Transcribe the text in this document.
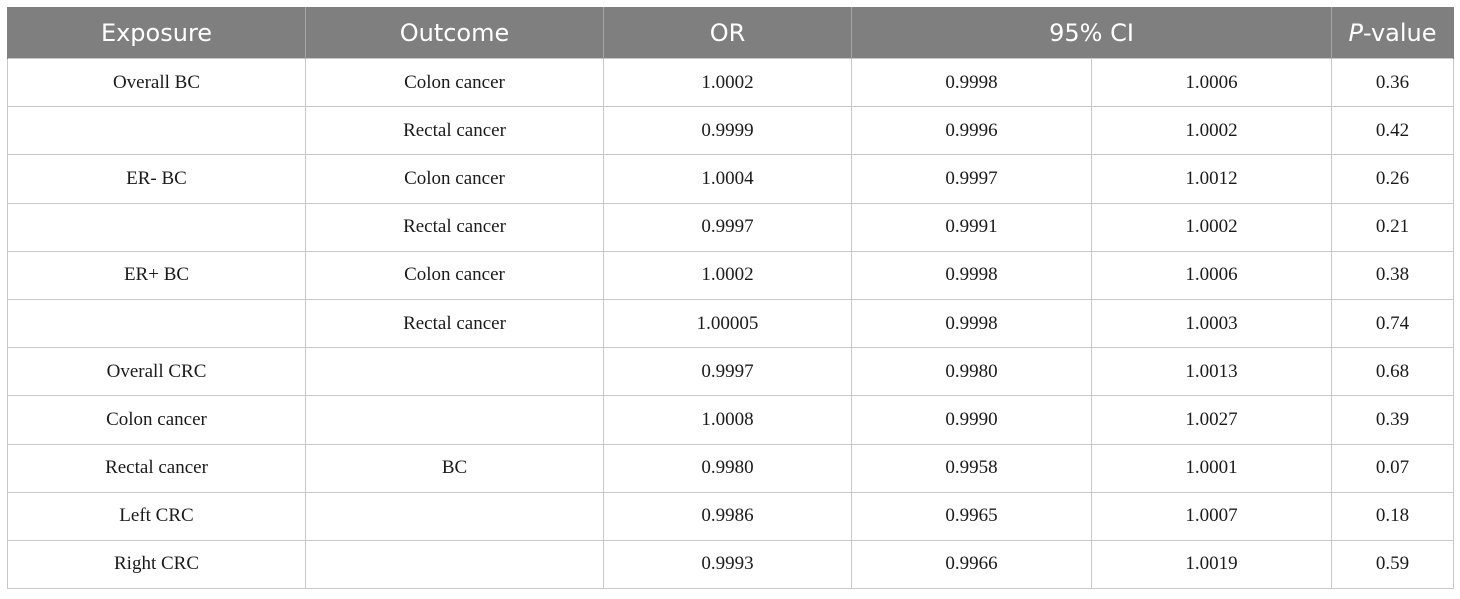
Exposure	Outcome	OR	95% CI		P-value
Overall BC	Colon cancer	1.0002	0.9998	1.0006	0.36
	Rectal cancer	0.9999	0.9996	1.0002	0.42
ER- BC	Colon cancer	1.0004	0.9997	1.0012	0.26
	Rectal cancer	0.9997	0.9991	1.0002	0.21
ER+ BC	Colon cancer	1.0002	0.9998	1.0006	0.38
	Rectal cancer	1.00005	0.9998	1.0003	0.74
Overall CRC		0.9997	0.9980	1.0013	0.68
Colon cancer		1.0008	0.9990	1.0027	0.39
Rectal cancer	BC	0.9980	0.9958	1.0001	0.07
Left CRC		0.9986	0.9965	1.0007	0.18
Right CRC		0.9993	0.9966	1.0019	0.59
